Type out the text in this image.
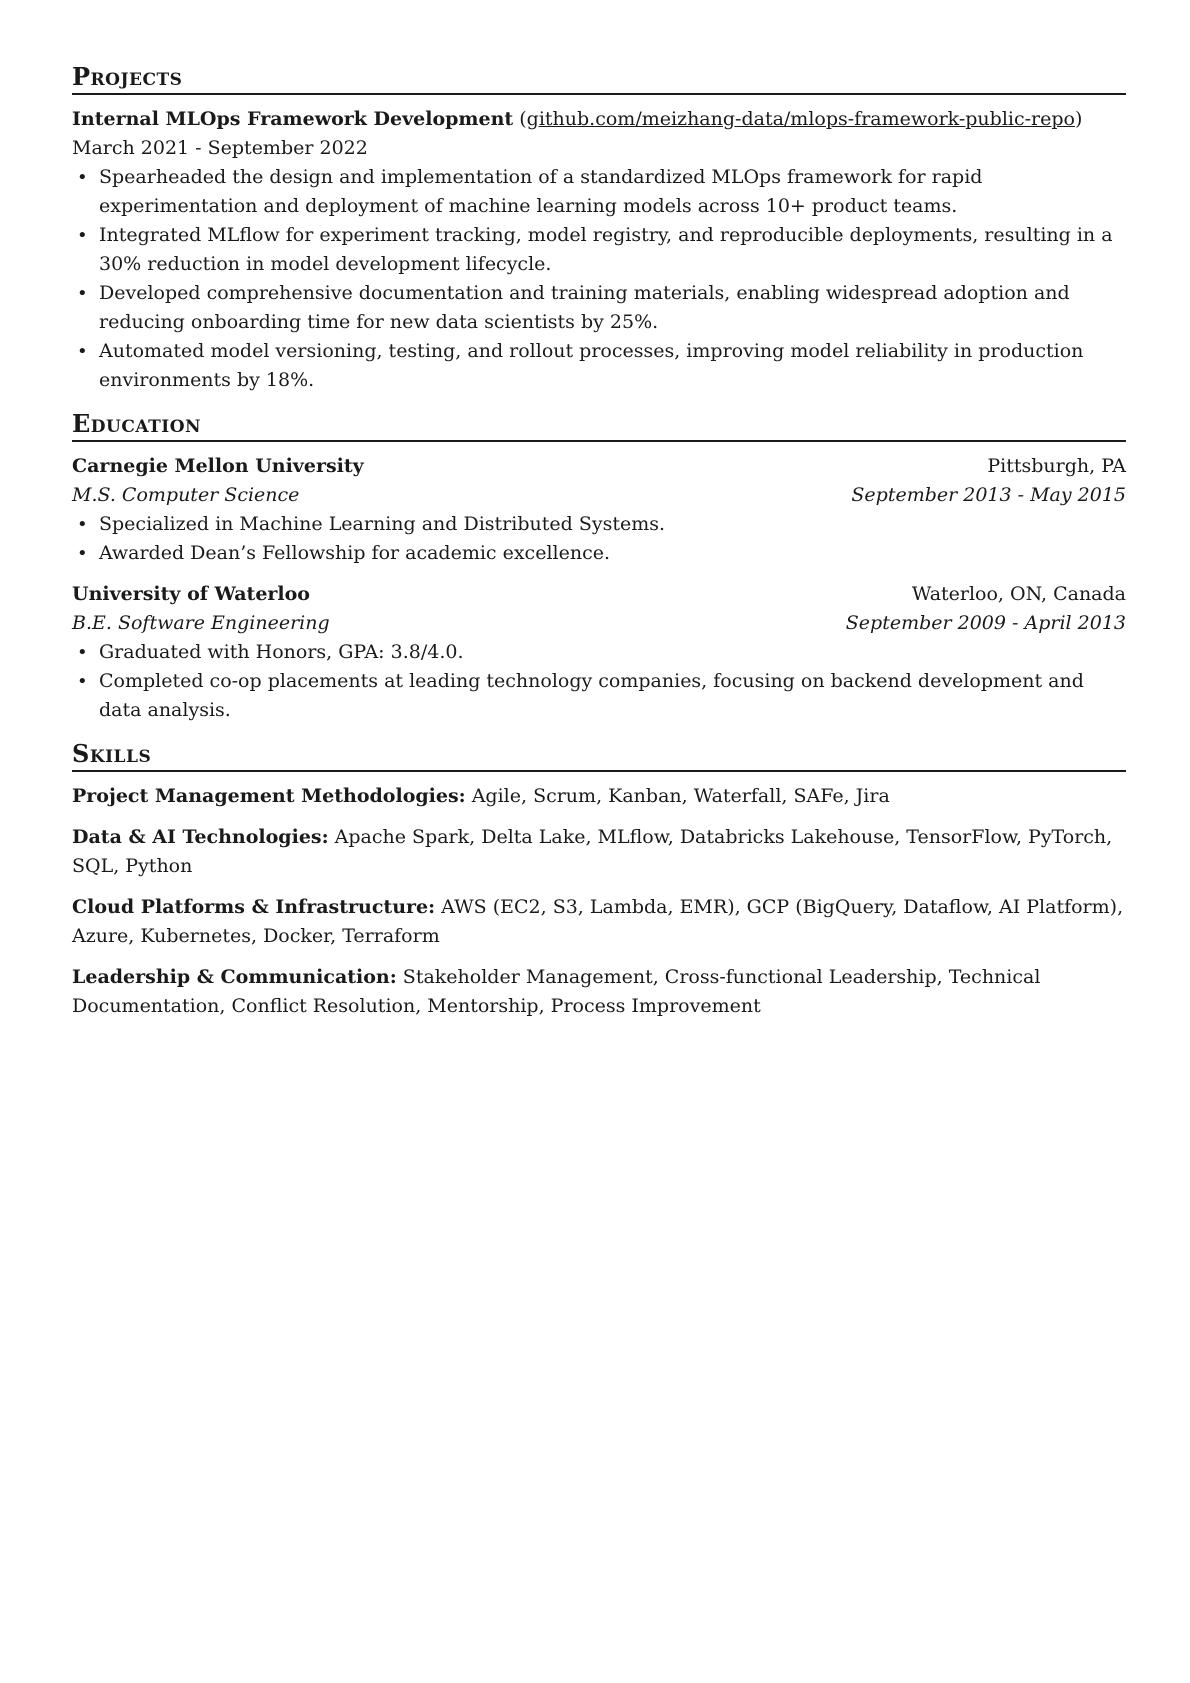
Projects
Internal MLOps Framework Development (github.com/meizhang-data/mlops-framework-public-repo)
March 2021 - September 2022
• Spearheaded the design and implementation of a standardized MLOps framework for rapid experimentation and deployment of machine learning models across 10+ product teams.
• Integrated MLflow for experiment tracking, model registry, and reproducible deployments, resulting in a 30% reduction in model development lifecycle.
• Developed comprehensive documentation and training materials, enabling widespread adoption and reducing onboarding time for new data scientists by 25%.
• Automated model versioning, testing, and rollout processes, improving model reliability in production environments by 18%.
Education
Carnegie Mellon University	Pittsburgh, PA
M.S. Computer Science	September 2013 - May 2015
• Specialized in Machine Learning and Distributed Systems.
• Awarded Dean’s Fellowship for academic excellence.
University of Waterloo	Waterloo, ON, Canada
B.E. Software Engineering	September 2009 - April 2013
• Graduated with Honors, GPA: 3.8/4.0.
• Completed co-op placements at leading technology companies, focusing on backend development and data analysis.
Skills
Project Management Methodologies: Agile, Scrum, Kanban, Waterfall, SAFe, Jira
Data & AI Technologies: Apache Spark, Delta Lake, MLflow, Databricks Lakehouse, TensorFlow, PyTorch, SQL, Python
Cloud Platforms & Infrastructure: AWS (EC2, S3, Lambda, EMR), GCP (BigQuery, Dataflow, AI Platform), Azure, Kubernetes, Docker, Terraform
Leadership & Communication: Stakeholder Management, Cross-functional Leadership, Technical Documentation, Conflict Resolution, Mentorship, Process Improvement
